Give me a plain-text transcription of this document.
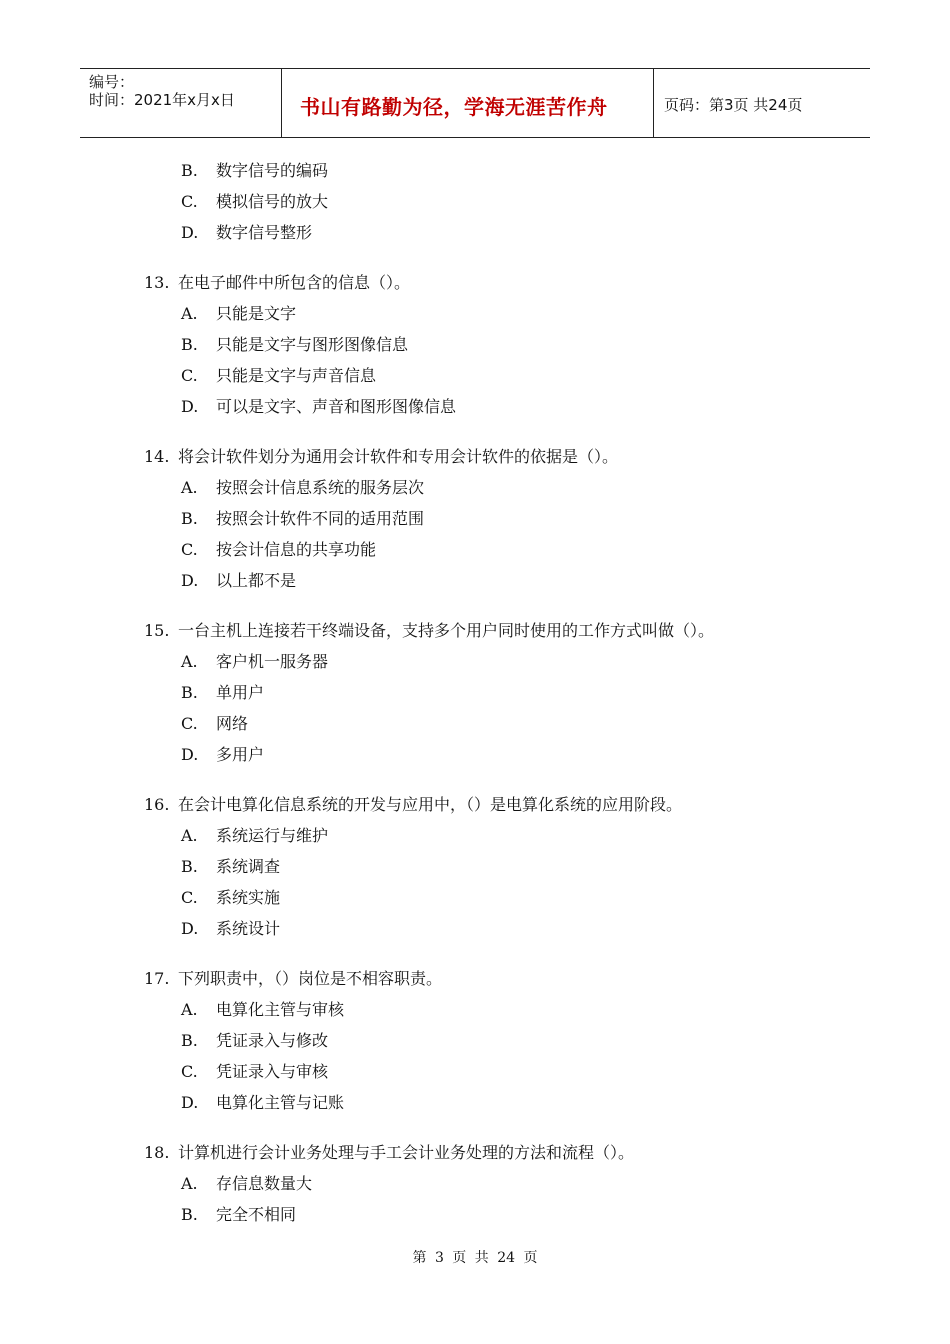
编号：
时间：2021年x月x日	书山有路勤为径，学海无涯苦作舟	页码：第3页 共24页
B. 数字信号的编码
C. 模拟信号的放大
D. 数字信号整形
13. 在电子邮件中所包含的信息（）。
A. 只能是文字
B. 只能是文字与图形图像信息
C. 只能是文字与声音信息
D. 可以是文字、声音和图形图像信息
14. 将会计软件划分为通用会计软件和专用会计软件的依据是（）。
A. 按照会计信息系统的服务层次
B. 按照会计软件不同的适用范围
C. 按会计信息的共享功能
D. 以上都不是
15. 一台主机上连接若干终端设备，支持多个用户同时使用的工作方式叫做（）。
A. 客户机一服务器
B. 单用户
C. 网络
D. 多用户
16. 在会计电算化信息系统的开发与应用中，（）是电算化系统的应用阶段。
A. 系统运行与维护
B. 系统调查
C. 系统实施
D. 系统设计
17. 下列职责中，（）岗位是不相容职责。
A. 电算化主管与审核
B. 凭证录入与修改
C. 凭证录入与审核
D. 电算化主管与记账
18. 计算机进行会计业务处理与手工会计业务处理的方法和流程（）。
A. 存信息数量大
B. 完全不相同
第 3 页 共 24 页
